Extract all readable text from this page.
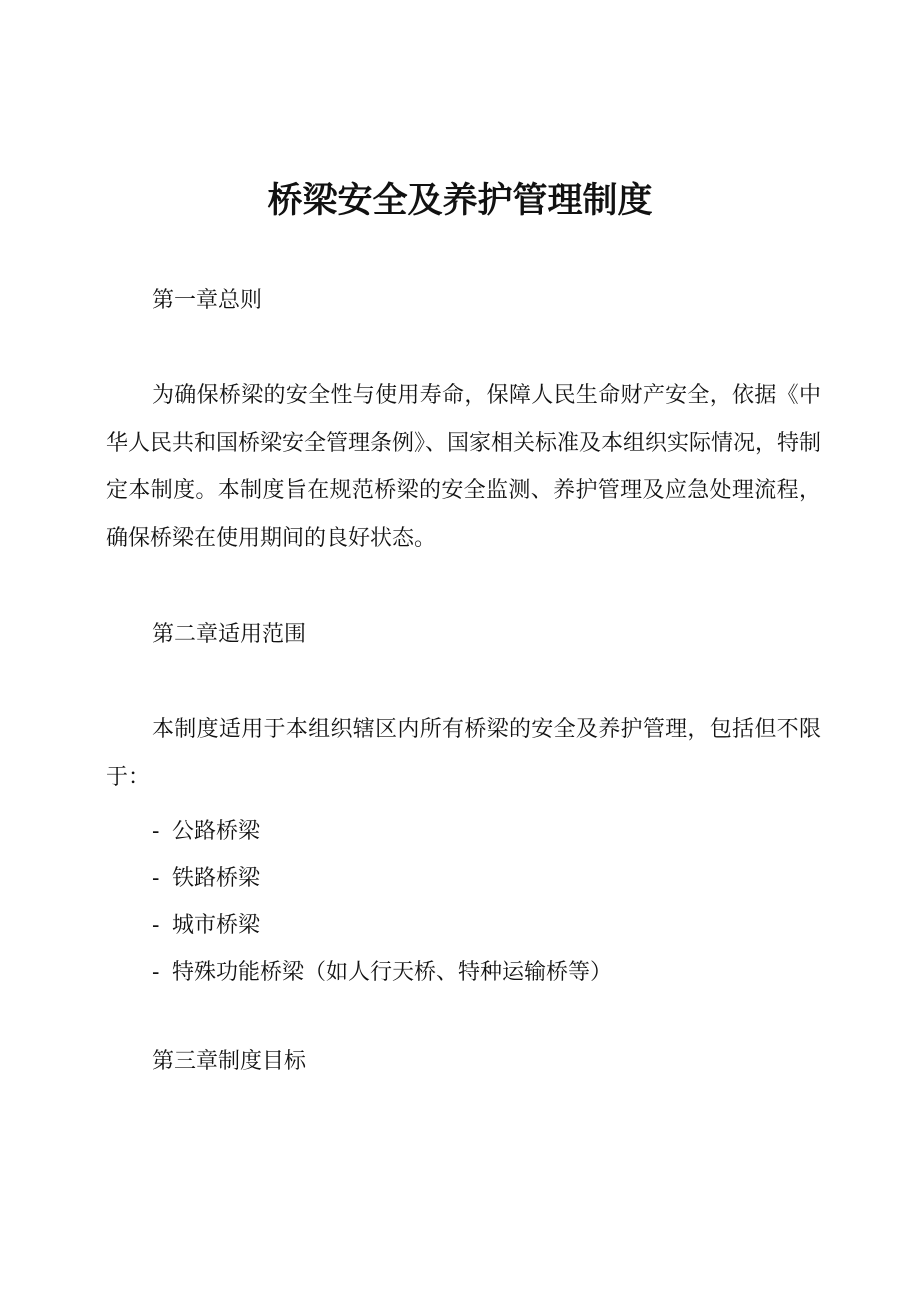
桥梁安全及养护管理制度

第一章总则

为确保桥梁的安全性与使用寿命，保障人民生命财产安全，依据《中华人民共和国桥梁安全管理条例》、国家相关标准及本组织实际情况，特制定本制度。本制度旨在规范桥梁的安全监测、养护管理及应急处理流程，确保桥梁在使用期间的良好状态。

第二章适用范围

本制度适用于本组织辖区内所有桥梁的安全及养护管理，包括但不限于：

- 公路桥梁
- 铁路桥梁
- 城市桥梁
- 特殊功能桥梁（如人行天桥、特种运输桥等）

第三章制度目标
